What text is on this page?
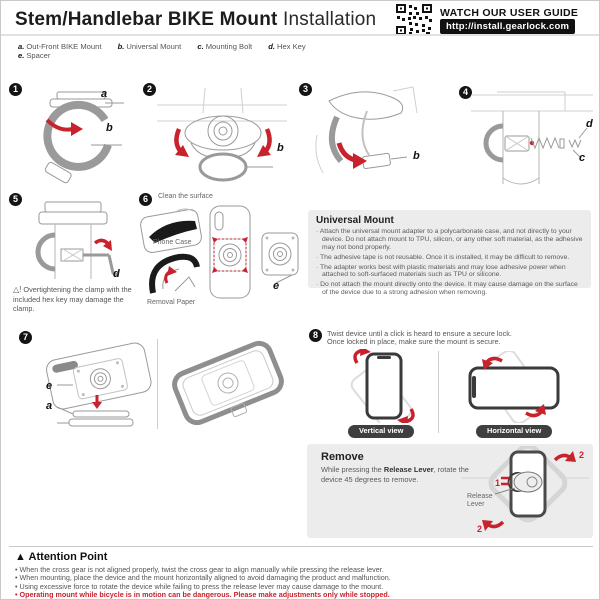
Stem/Handlebar BIKE Mount Installation	WATCH OUR USER GUIDE
http://install.gearlock.com
a. Out-Front BIKE Mount b. Universal Mount c. Mounting Bolt d. Hex Key
e. Spacer
1	a
b
2
b
3
b
4
d
c
5
d
△! Overtightening the clamp with the included hex key may damage the clamp.
6	Clean the surface
Phone Case
Removal Paper
e
Universal Mount
· Attach the universal mount adapter to a polycarbonate case, and not directly to your device. Do not attach mount to TPU, silicon, or any other soft material, as the adhesive may not bond properly.
· The adhesive tape is not reusable. Once it is installed, it may be difficult to remove.
· The adapter works best with plastic materials and may lose adhesive power when attached to soft-surfaced materials such as TPU or silicone.
· Do not attach the mount directly onto the device. It may cause damage on the surface of the device due to a strong adhesion when removing.
7
e
a
8	Twist device until a click is heard to ensure a secure lock.
Once locked in place, make sure the mount is secure.
Vertical view	Horizontal view
Remove
While pressing the Release Lever, rotate the device 45 degrees to remove.	1
2
2
Release Lever
▲ Attention Point
• When the cross gear is not aligned properly, twist the cross gear to align manually while pressing the release lever.
• When mounting, place the device and the mount horizontally aligned to avoid damaging the product and malfunction.
• Using excessive force to rotate the device while failing to press the release lever may cause damage to the mount.
• Operating mount while bicycle is in motion can be dangerous. Please make adjustments only while stopped.
